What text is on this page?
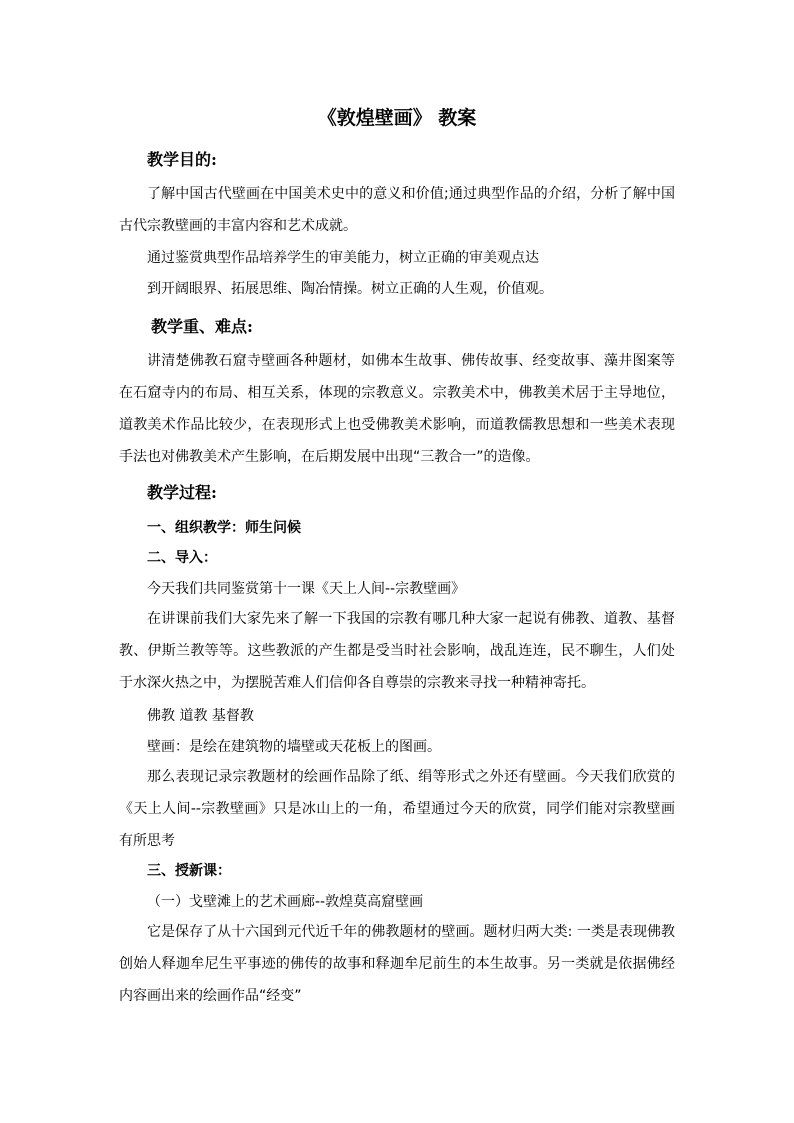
《敦煌壁画》 教案
教学目的:
了解中国古代壁画在中国美术史中的意义和价值;通过典型作品的介绍，分析了解中国古代宗教壁画的丰富内容和艺术成就。
通过鉴赏典型作品培养学生的审美能力，树立正确的审美观点达
到开阔眼界、拓展思维、陶冶情操。树立正确的人生观，价值观。
教学重、难点:
讲清楚佛教石窟寺壁画各种题材，如佛本生故事、佛传故事、经变故事、藻井图案等在石窟寺内的布局、相互关系，体现的宗教意义。宗教美术中，佛教美术居于主导地位，道教美术作品比较少，在表现形式上也受佛教美术影响，而道教儒教思想和一些美术表现手法也对佛教美术产生影响，在后期发展中出现“三教合一”的造像。
教学过程:
一、组织教学：师生问候
二、导入：
今天我们共同鉴赏第十一课《天上人间--宗教壁画》
在讲课前我们大家先来了解一下我国的宗教有哪几种大家一起说有佛教、道教、基督教、伊斯兰教等等。这些教派的产生都是受当时社会影响，战乱连连，民不聊生，人们处于水深火热之中，为摆脱苦难人们信仰各自尊崇的宗教来寻找一种精神寄托。
佛教 道教 基督教
壁画：是绘在建筑物的墙壁或天花板上的图画。
那么表现记录宗教题材的绘画作品除了纸、绢等形式之外还有壁画。今天我们欣赏的《天上人间--宗教壁画》只是冰山上的一角，希望通过今天的欣赏，同学们能对宗教壁画有所思考
三、授新课：
（一）戈壁滩上的艺术画廊--敦煌莫高窟壁画
它是保存了从十六国到元代近千年的佛教题材的壁画。题材归两大类: 一类是表现佛教创始人释迦牟尼生平事迹的佛传的故事和释迦牟尼前生的本生故事。另一类就是依据佛经内容画出来的绘画作品“经变”
